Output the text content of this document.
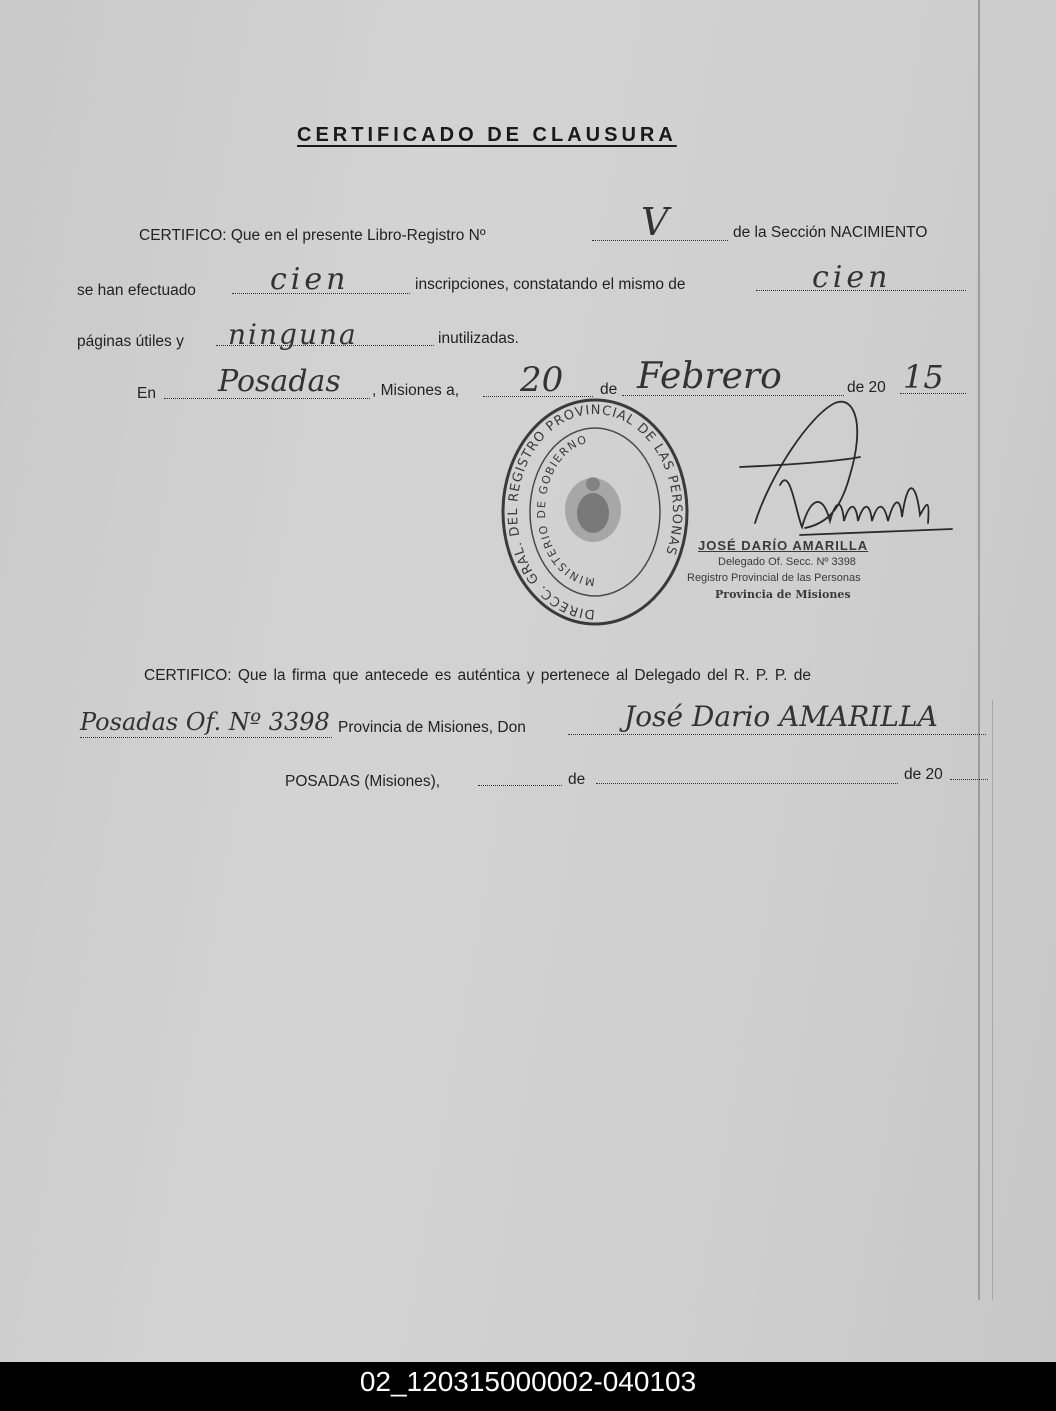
CERTIFICADO DE CLAUSURA
CERTIFICO: Que en el presente Libro-Registro Nº	V	de la Sección NACIMIENTO
se han efectuado cien	inscripciones, constatando el mismo de	cien
páginas útiles y ninguna	inutilizadas.
En Posadas , Misiones a, 20 de Febrero	de 20 15
DIRECC. GRAL. DEL REGISTRO PROVINCIAL DE LAS PERSONAS
MINISTERIO DE GOBIERNO
JOSÉ DARÍO AMARILLA
Delegado Of. Secc. Nº 3398
Registro Provincial de las Personas
Provincia de Misiones
CERTIFICO: Que la firma que antecede es auténtica y pertenece al Delegado del R. P. P. de
Posadas Of. Nº 3398 Provincia de Misiones, Don	José Dario AMARILLA
POSADAS (Misiones),	de	de 20
02_120315000002-040103
